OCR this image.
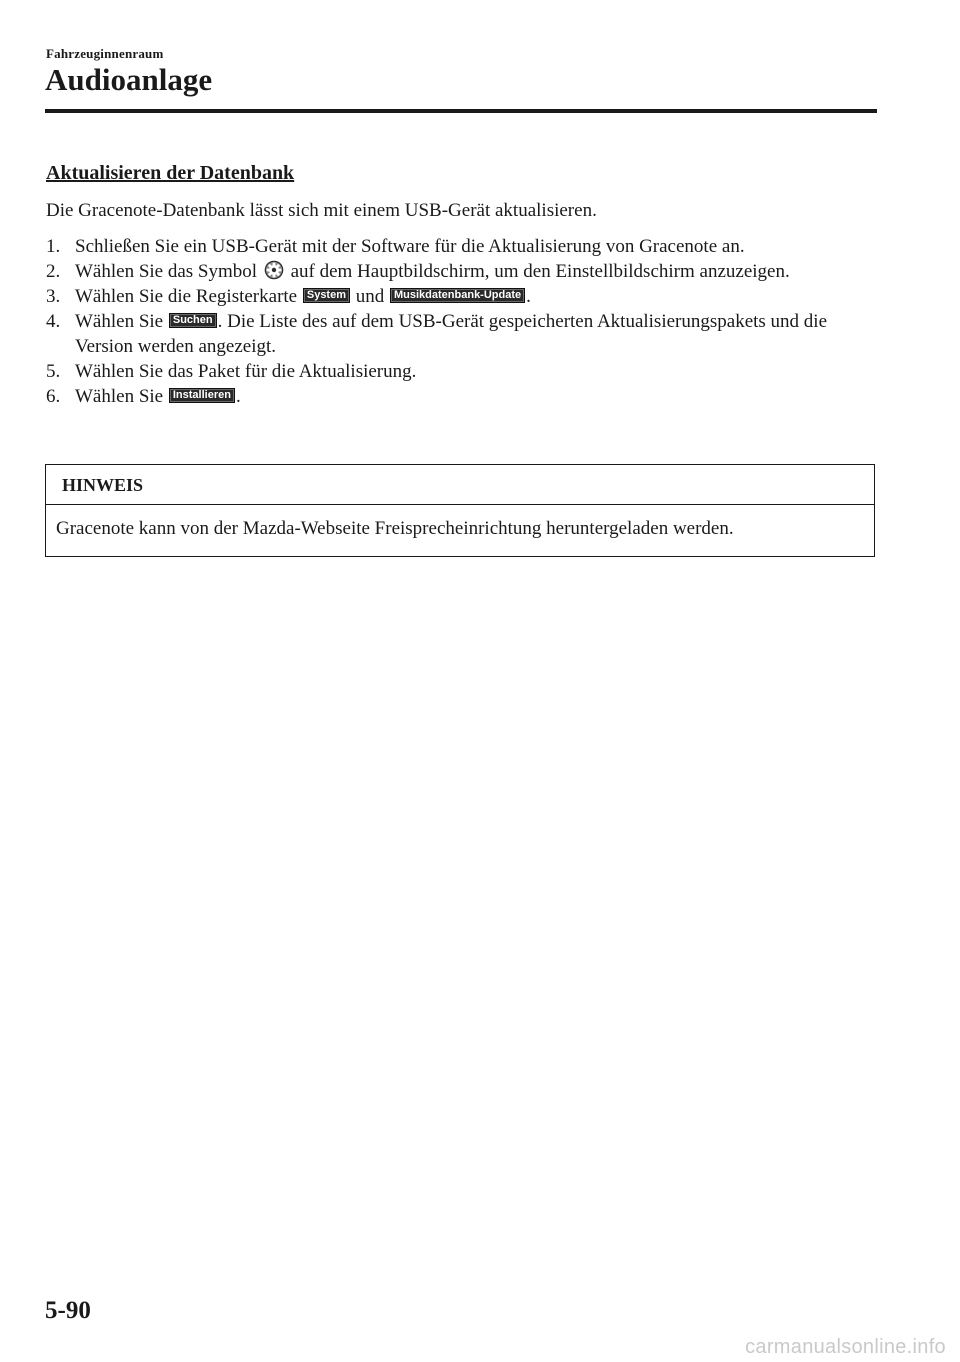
Fahrzeuginnenraum
Audioanlage

Aktualisieren der Datenbank

Die Gracenote-Datenbank lässt sich mit einem USB-Gerät aktualisieren.

1. Schließen Sie ein USB-Gerät mit der Software für die Aktualisierung von Gracenote an.
2. Wählen Sie das Symbol auf dem Hauptbildschirm, um den Einstellbildschirm anzuzeigen.
3. Wählen Sie die Registerkarte System und Musikdatenbank-Update .
4. Wählen Sie Suchen . Die Liste des auf dem USB-Gerät gespeicherten Aktualisierungspakets und die Version werden angezeigt.
5. Wählen Sie das Paket für die Aktualisierung.
6. Wählen Sie Installieren .
HINWEIS
Gracenote kann von der Mazda-Webseite Freisprecheinrichtung heruntergeladen werden.
5-90
carmanualsonline.info
